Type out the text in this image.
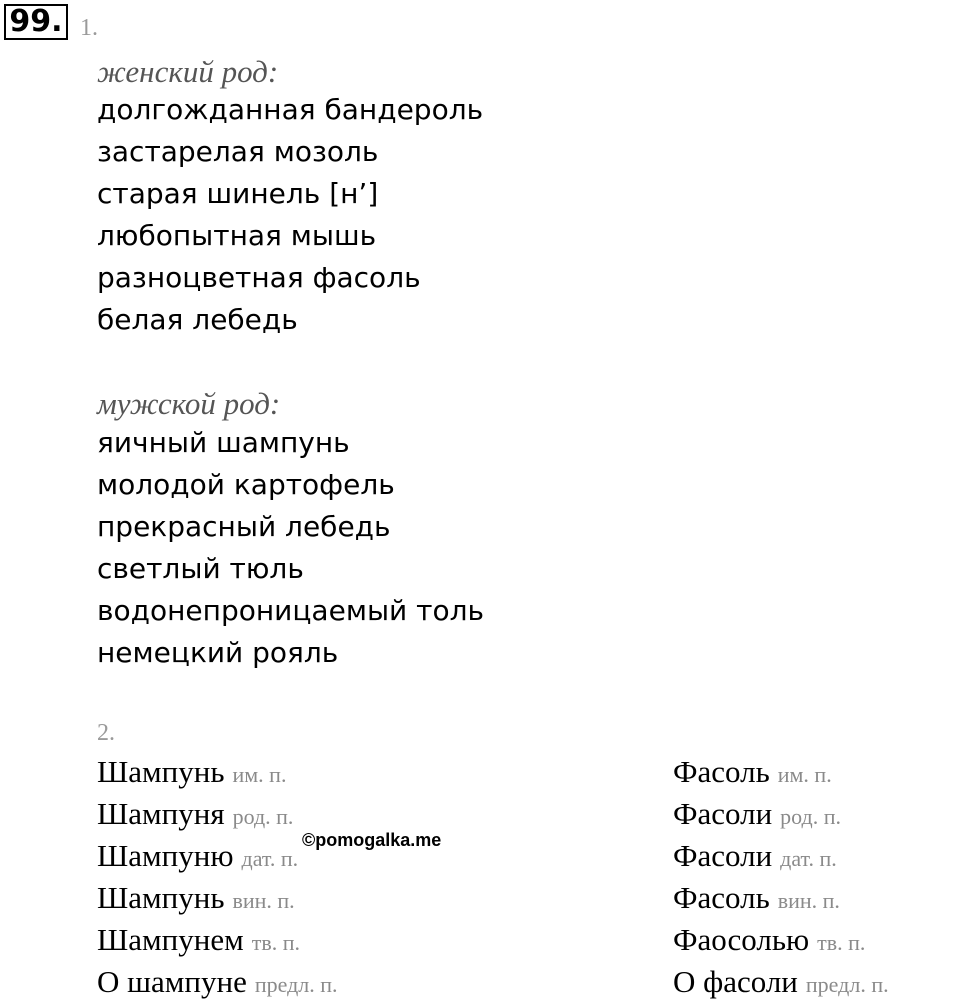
99. 1.
женский род:
долгожданная бандероль
застарелая мозоль
старая шинель [н’]
любопытная мышь
разноцветная фасоль
белая лебедь
мужской род:
яичный шампунь
молодой картофель
прекрасный лебедь
светлый тюль
водонепроницаемый толь
немецкий рояль
2.
Шампунь им. п.
Шампуня род. п.
Шампуню дат. п.
Шампунь вин. п.
Шампунем тв. п.
О шампуне предл. п.
Фасоль им. п.
Фасоли род. п.
Фасоли дат. п.
Фасоль вин. п.
Фаосолью тв. п.
О фасоли предл. п.
©pomogalka.me
